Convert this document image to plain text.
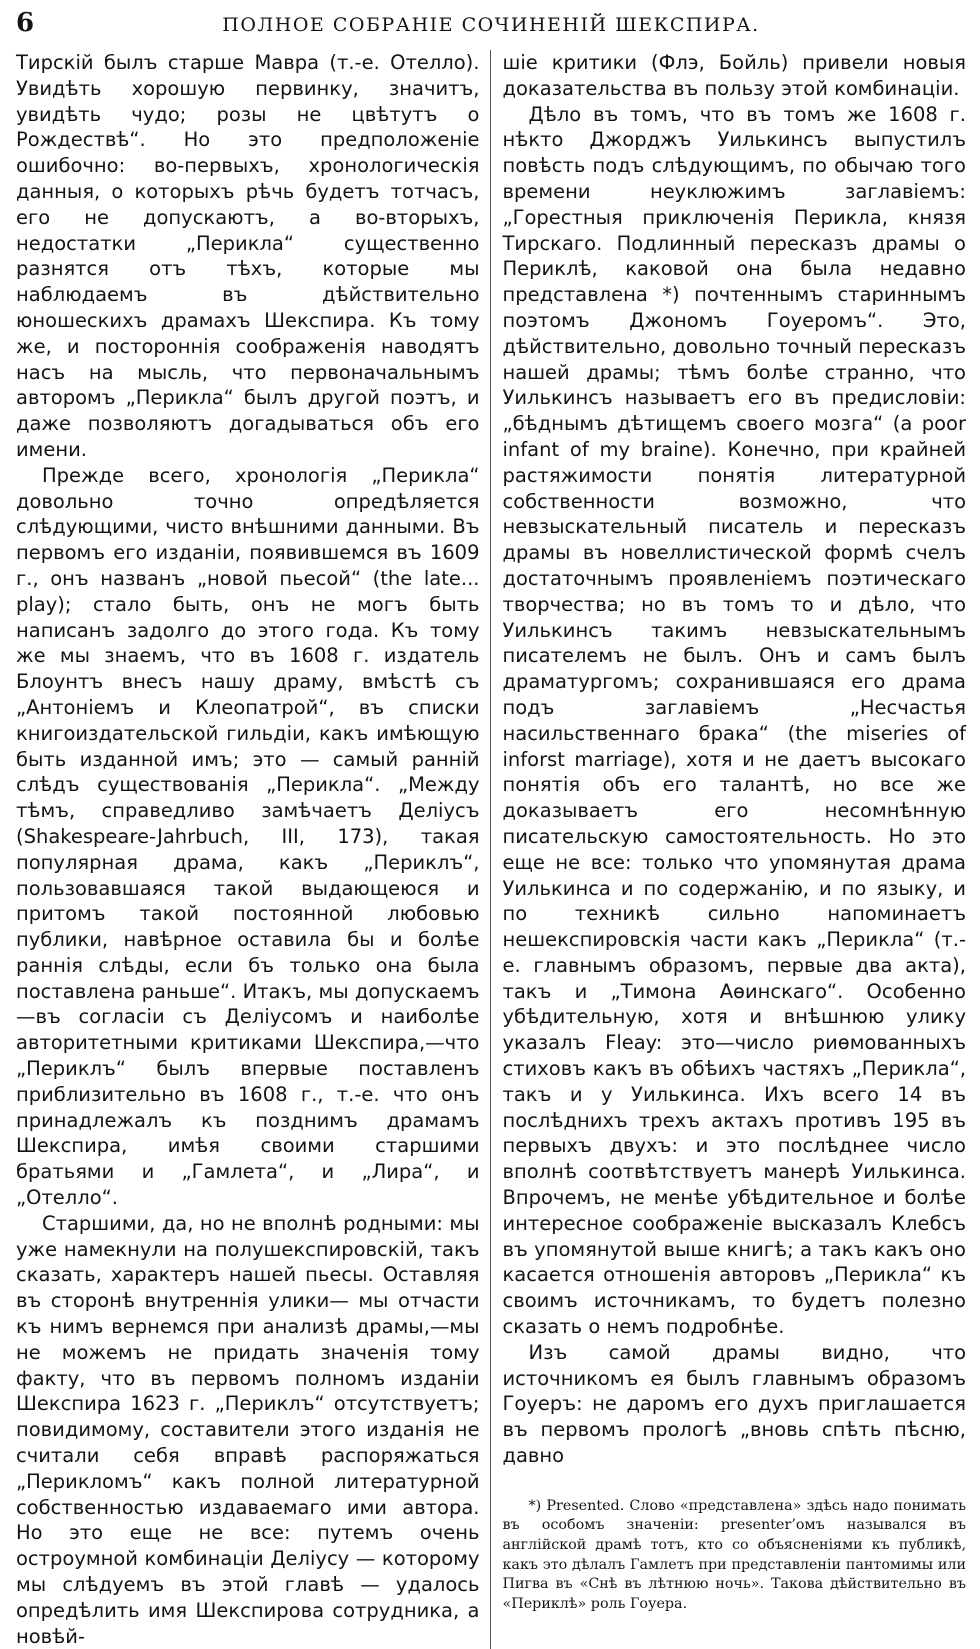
6	ПОЛНОЕ СОБРАНІЕ СОЧИНЕНІЙ ШЕКСПИРА.

Тирскій былъ старше Мавра (т.-е. Отелло). Увидѣть хорошую первинку, значитъ, увидѣть чудо; розы не цвѣтутъ о Рождествѣ“. Но это предположеніе ошибочно: во-первыхъ, хронологическія данныя, о которыхъ рѣчь будетъ тотчасъ, его не допускаютъ, а во-вторыхъ, недостатки „Перикла“ существенно разнятся отъ тѣхъ, которые мы наблюдаемъ въ дѣйствительно юношескихъ драмахъ Шекспира. Къ тому же, и постороннія соображенія наводятъ насъ на мысль, что первоначальнымъ авторомъ „Перикла“ былъ другой поэтъ, и даже позволяютъ догадываться объ его имени.

Прежде всего, хронологія „Перикла“ довольно точно опредѣляется слѣдующими, чисто внѣшними данными. Въ первомъ его изданіи, появившемся въ 1609 г., онъ названъ „новой пьесой“ (the late... play); стало быть, онъ не могъ быть написанъ задолго до этого года. Къ тому же мы знаемъ, что въ 1608 г. издатель Блоунтъ внесъ нашу драму, вмѣстѣ съ „Антоніемъ и Клеопатрой“, въ списки книгоиздательской гильдіи, какъ имѣющую быть изданной имъ; это — самый ранній слѣдъ существованія „Перикла“. „Между тѣмъ, справедливо замѣчаетъ Деліусъ (Shakespeare-Jahrbuch, III, 173), такая популярная драма, какъ „Периклъ“, пользовавшаяся такой выдающеюся и притомъ такой постоянной любовью публики, навѣрное оставила бы и болѣе раннія слѣды, если бъ только она была поставлена раньше“. Итакъ, мы допускаемъ—въ согласіи съ Деліусомъ и наиболѣе авторитетными критиками Шекспира,—что „Периклъ“ былъ впервые поставленъ приблизительно въ 1608 г., т.-е. что онъ принадлежалъ къ позднимъ драмамъ Шекспира, имѣя своими старшими братьями и „Гамлета“, и „Лира“, и „Отелло“.

Старшими, да, но не вполнѣ родными: мы уже намекнули на полушекспировскій, такъ сказать, характеръ нашей пьесы. Оставляя въ сторонѣ внутреннія улики— мы отчасти къ нимъ вернемся при анализѣ драмы,—мы не можемъ не придать значенія тому факту, что въ первомъ полномъ изданіи Шекспира 1623 г. „Периклъ“ отсутствуетъ; повидимому, составители этого изданія не считали себя вправѣ распоряжаться „Перикломъ“ какъ полной литературной собственностью издаваемаго ими автора. Но это еще не все: путемъ очень остроумной комбинаціи Деліусу — которому мы слѣдуемъ въ этой главѣ — удалось опредѣлить имя Шекспирова сотрудника, а новѣй-

шіе критики (Флэ, Бойль) привели новыя доказательства въ пользу этой комбинаціи.

Дѣло въ томъ, что въ томъ же 1608 г. нѣкто Джорджъ Уилькинсъ выпустилъ повѣсть подъ слѣдующимъ, по обычаю того времени неуклюжимъ заглавіемъ: „Горестныя приключенія Перикла, князя Тирскаго. Подлинный пересказъ драмы о Периклѣ, каковой она была недавно представлена *) почтеннымъ стариннымъ поэтомъ Джономъ Гоуеромъ“. Это, дѣйствительно, довольно точный пересказъ нашей драмы; тѣмъ болѣе странно, что Уилькинсъ называетъ его въ предисловіи: „бѣднымъ дѣтищемъ своего мозга“ (a poor infant of my braine). Конечно, при крайней растяжимости понятія литературной собственности возможно, что невзыскательный писатель и пересказъ драмы въ новеллистической формѣ счелъ достаточнымъ проявленіемъ поэтическаго творчества; но въ томъ то и дѣло, что Уилькинсъ такимъ невзыскательнымъ писателемъ не былъ. Онъ и самъ былъ драматургомъ; сохранившаяся его драма подъ заглавіемъ „Несчастья насильственнаго брака“ (the miseries of inforst marriage), хотя и не даетъ высокаго понятія объ его талантѣ, но все же доказываетъ его несомнѣнную писательскую самостоятельность. Но это еще не все: только что упомянутая драма Уилькинса и по содержанію, и по языку, и по техникѣ сильно напоминаетъ нешекспировскія части какъ „Перикла“ (т.-е. главнымъ образомъ, первые два акта), такъ и „Тимона Аѳинскаго“. Особенно убѣдительную, хотя и внѣшнюю улику указалъ Fleay: это—число риѳмованныхъ стиховъ какъ въ обѣихъ частяхъ „Перикла“, такъ и у Уилькинса. Ихъ всего 14 въ послѣднихъ трехъ актахъ противъ 195 въ первыхъ двухъ: и это послѣднее число вполнѣ соотвѣтствуетъ манерѣ Уилькинса. Впрочемъ, не менѣе убѣдительное и болѣе интересное соображеніе высказалъ Клебсъ въ упомянутой выше книгѣ; а такъ какъ оно касается отношенія авторовъ „Перикла“ къ своимъ источникамъ, то будетъ полезно сказать о немъ подробнѣе.

Изъ самой драмы видно, что источникомъ ея былъ главнымъ образомъ Гоуеръ: не даромъ его духъ приглашается въ первомъ прологѣ „вновь спѣть пѣсню, давно

*) Presented. Слово «представлена» здѣсь надо понимать въ особомъ значеніи: presenter’омъ назывался въ англійской драмѣ тотъ, кто со объясненіями къ публикѣ, какъ это дѣлалъ Гамлетъ при представленіи пантомимы или Пигва въ «Снѣ въ лѣтнюю ночь». Такова дѣйствительно въ «Периклѣ» роль Гоуера.
